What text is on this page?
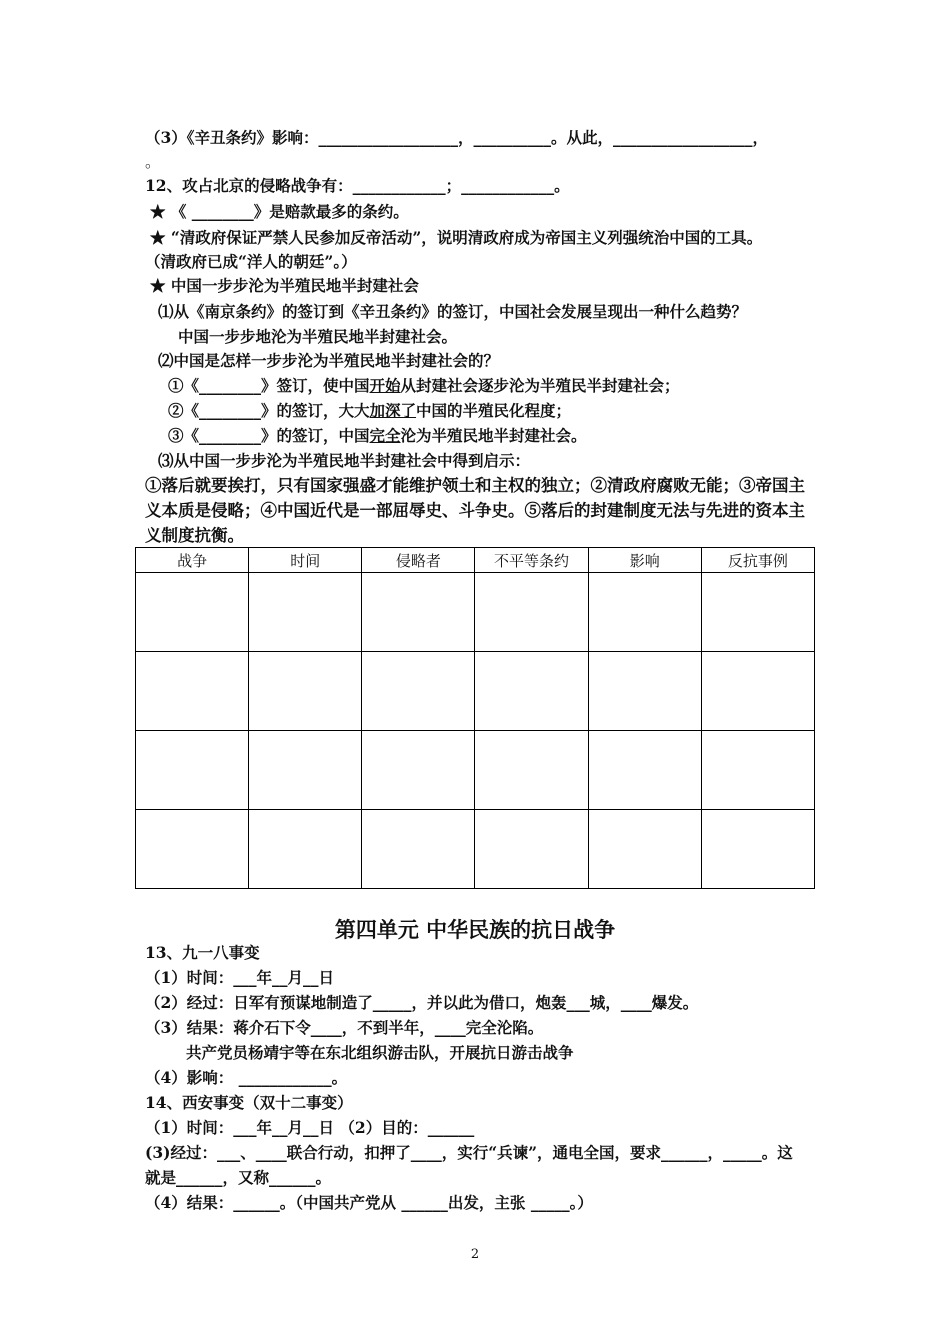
（3）《辛丑条约》影响：__________________，__________。从此，__________________，
。
12、攻占北京的侵略战争有：____________；____________。
★ 《 ________》是赔款最多的条约。
★ “清政府保证严禁人民参加反帝活动”，说明清政府成为帝国主义列强统治中国的工具。
（清政府已成“洋人的朝廷”。）
★ 中国一步步沦为半殖民地半封建社会
⑴从《南京条约》的签订到《辛丑条约》的签订，中国社会发展呈现出一种什么趋势？
中国一步步地沦为半殖民地半封建社会。
⑵中国是怎样一步步沦为半殖民地半封建社会的？
①《________》签订，使中国开始从封建社会逐步沦为半殖民半封建社会；
②《________》的签订，大大加深了中国的半殖民化程度；
③《________》的签订，中国完全沦为半殖民地半封建社会。
⑶从中国一步步沦为半殖民地半封建社会中得到启示：
①落后就要挨打，只有国家强盛才能维护领土和主权的独立；②清政府腐败无能；③帝国主
义本质是侵略；④中国近代是一部屈辱史、斗争史。⑤落后的封建制度无法与先进的资本主
义制度抗衡。
战争	时间	侵略者	不平等条约	影响	反抗事例

第四单元 中华民族的抗日战争
13、九一八事变
（1）时间：___年__月__日
（2）经过：日军有预谋地制造了_____，并以此为借口，炮轰___城，____爆发。
（3）结果：蒋介石下令____，不到半年，____完全沦陷。
共产党员杨靖宇等在东北组织游击队，开展抗日游击战争
（4）影响： ____________。
14、西安事变（双十二事变）
（1）时间：___年__月__日 （2）目的：______
(3)经过：___、____联合行动，扣押了____，实行“兵谏”，通电全国，要求______，_____。这
就是______，又称______。
（4）结果：______。（中国共产党从 ______出发，主张 _____。）
2
